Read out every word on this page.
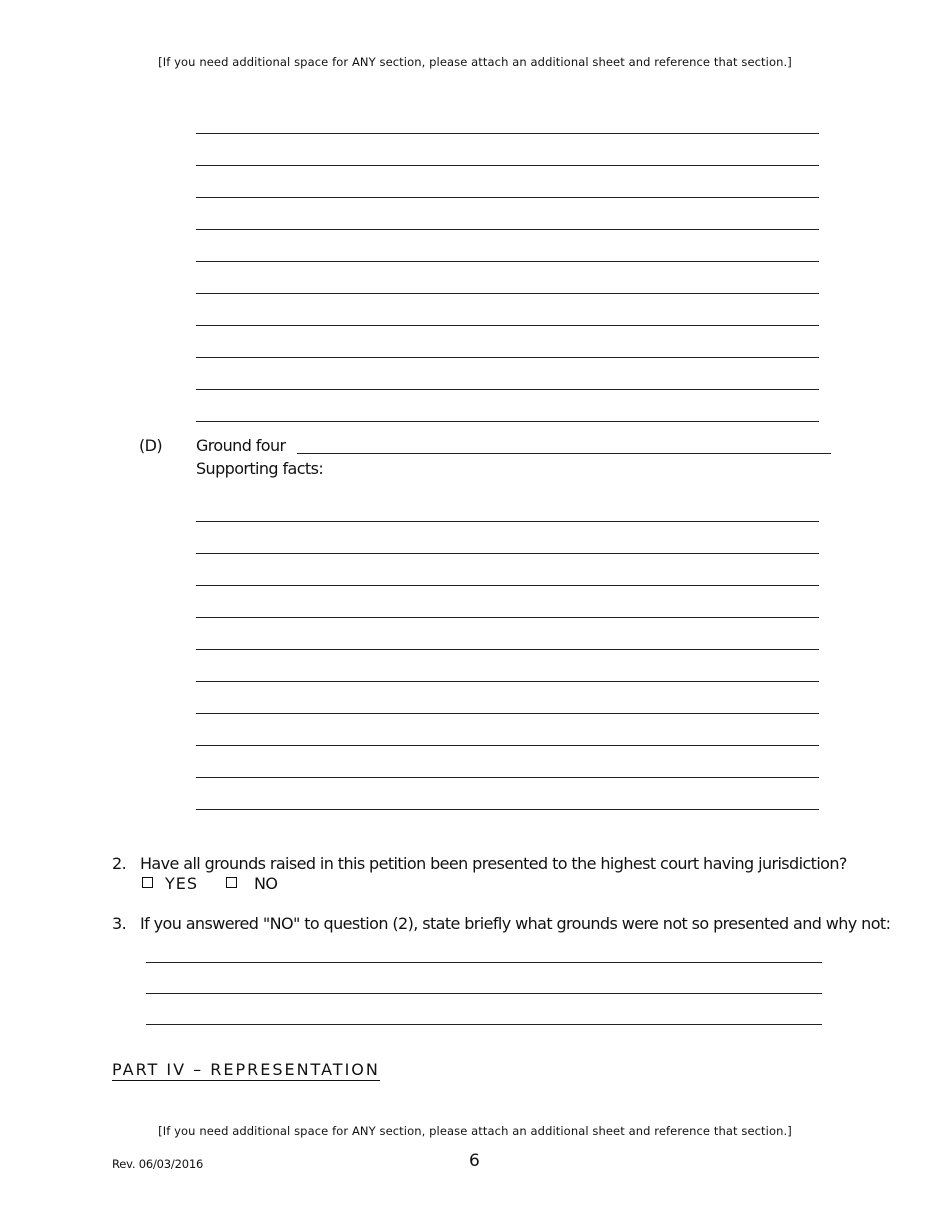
[If you need additional space for ANY section, please attach an additional sheet and reference that section.]
(D) Ground four
Supporting facts:
2. Have all grounds raised in this petition been presented to the highest court having jurisdiction?
YES	NO
3. If you answered "NO" to question (2), state briefly what grounds were not so presented and why not:
PART IV – REPRESENTATION
[If you need additional space for ANY section, please attach an additional sheet and reference that section.]
Rev. 06/03/2016	6
